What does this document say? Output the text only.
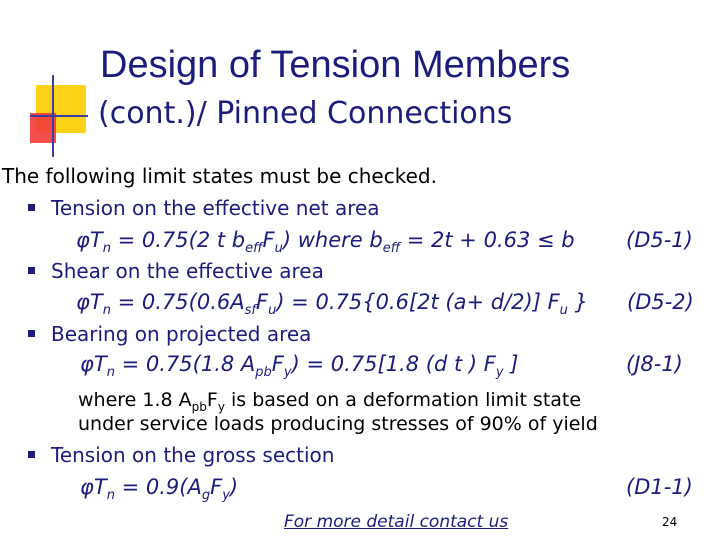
Design of Tension Members
(cont.)/ Pinned Connections
The following limit states must be checked.
Tension on the effective net area
$\varphi T_n = 0.75(2$ t $b_{eff}F_u$) where $b_{eff} = 2t + 0.63 \le b$ (D5-1)
Shear on the effective area
$\varphi T_n = 0.75(0.6A_{sf}F_u) = 0.75\{0.6[2t$ (a+ d/2)] $F_u$ } (D5-2)
Bearing on projected area
$\varphi T_n = 0.75(1.8$ $A_{pb}F_y) = 0.75[1.8$ (d t ) $F_y$ ]	(J8-1)
where 1.8 $A_{pb}F_y$ is based on a deformation limit state
under service loads producing stresses of 90% of yield
Tension on the gross section
$\varphi T_n = 0.9(A_gF_y)$	(D1-1)
For more detail contact us	24
